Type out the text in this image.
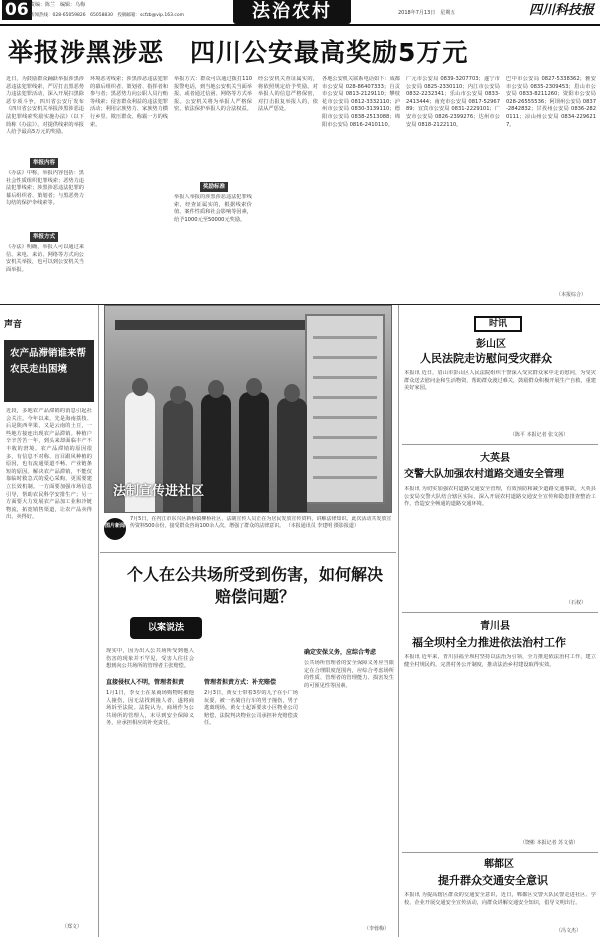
06 责编：陈兰　编辑：乌梅
新闻热线：028-65059826　65058830　投稿邮箱：scfzb@vip.163.com	法治农村	2018年7月13日　星期五	四川科技报
举报涉黑涉恶　四川公安最高奖励5万元
近日，为鼓励群众踊跃举报涉黑涉恶违法犯罪线索，严厉打击黑恶势力违法犯罪活动，深入开展扫黑除恶专项斗争，四川省公安厅发布《四川省公安机关举报涉黑涉恶违法犯罪线索奖励实施办法》（以下简称《办法》），对提供线索的举报人给予最高5万元的奖励。
举报内容
《办法》中称，举报内容包括：黑社会性质组织犯罪线索；恶势力违法犯罪线索；涉黑涉恶违法犯罪的幕后组织者、策划者；与黑恶势力勾结的保护伞线索等。
举报方式
《办法》明确，举报人可以通过来信、来电、来访、网络等方式向公安机关举报，也可以到公安机关当面举报。
环境恶劣线索；涉黑涉恶违法犯罪的幕后组织者、策划者、指挥者和参与者；黑恶势力向公职人员行贿等线索；侵害群众利益的违法犯罪活动；利用宗族势力、家族势力横行乡里、欺压群众、称霸一方的线索。
举报方式：群众可以通过拨打110报警电话，到当地公安机关当面举报，或者通过信函、网络等方式举报。公安机关将为举报人严格保密，依法保护举报人的合法权益。
奖励标准
举报人举报的涉黑涉恶违法犯罪线索，经查证属实的，根据线索价值、案件性质和社会影响等因素，给予1000元至50000元奖励。
经公安机关查证属实的，将依照规定给予奖励。对举报人的信息严格保密，对打击报复举报人的，依法从严惩处。
各地公安机关联系电话如下：成都市公安局 028-86407333；自贡市公安局 0813-2129110；攀枝花市公安局 0812-3332110；泸州市公安局 0830-3139110；德阳市公安局 0838-2513088；绵阳市公安局 0816-2410110。
广元市公安局 0839-3207703；遂宁市公安局 0825-2330110；内江市公安局 0832-2232341；乐山市公安局 0833-2413444；南充市公安局 0817-5296789；宜宾市公安局 0831-2229101；广安市公安局 0826-2399276；达州市公安局 0818-2122110。
巴中市公安局 0827-5338362；雅安市公安局 0835-2309453；眉山市公安局 0833-8211260；资阳市公安局 028-26555536；阿坝州公安局 0837-2842832；甘孜州公安局 0836-2820111；凉山州公安局 0834-2296217。
（本报综合）
声音
农产品滞销谁来帮农民走出困境
近段，多地农产品滞销的消息引起社会关注。今年以来，先是海南荔枝、后是陕西苹果，又是云南的土豆，一些地方接连出现农产品滞销。种植户辛辛苦苦一年，到头来却面临丰产不丰收的窘境。农产品滞销的原因很多，有信息不对称、盲目跟风种植的原因，也有流通渠道不畅、产业链条短的原因。解决农产品滞销，不能仅靠临时救急式的爱心采购，更需要建立长效机制。一方面要加强市场信息引导，帮助农民科学安排生产；另一方面要大力发展农产品加工业和冷链物流，拓宽销售渠道，让农产品卖得出、卖得好。
（郑文）
法制宣传进社区
图片新闻
7月5日，在内江市东兴区新桥镇柳桥社区，法制宣传人员正在为居民发放宣传资料，讲解法律知识。此次活动共发放宣传资料500余份，接受群众咨询100余人次，增强了群众的法律意识。 （本报通讯员 李建明 摄影报道）
个人在公共场所受到伤害，如何解决赔偿问题？
以案说法
现实中，因为出入公共场所受到他人伤害的现象并不罕见，受害人往往会想到向公共场所的管理者主张赔偿。
直接侵权人不明，管理者担责
1月1日，李女士在某商场购物时被他人撞伤，因无法找到撞人者，遂将商场诉至法院。法院认为，商场作为公共场所的管理人，未尽到安全保障义务，应承担相应的补充责任。
管理者担责方式：补充赔偿
2月3日，黄女士带着3岁的儿子在小广场玩耍，被一名骑自行车的男子撞伤，男子逃离现场。黄女士起诉要求小区物业公司赔偿，法院判决物业公司承担补充赔偿责任。
确定安保义务，应综合考虑
公共场所管理者的安全保障义务应当限定在合理限度范围内，应综合考虑场所的性质、管理者的管理能力、损害发生的可预见性等因素。
（李蓉梅）
时讯
彭山区
人民法院走访慰问受灾群众
本报讯 近日，眉山市彭山区人民法院组织干警深入受灾群众家中走访慰问，为受灾群众送去慰问金和生活物资，帮助群众渡过难关，鼓励群众积极开展生产自救，重建美好家园。
（陈平 本报记者 张文茜）
大英县
交警大队加强农村道路交通安全管理
本报讯 为切实加强农村道路交通安全管理，有效预防和减少道路交通事故，大英县公安局交警大队结合辖区实际，深入开展农村道路交通安全宣传和隐患排查整治工作，营造安全畅通的道路交通环境。
（石权）
青川县
福全坝村全力推进依法治村工作
本报讯 近年来，青川县福全坝村坚持以法治为引领，全力推进依法治村工作，建立健全村规民约，完善村务公开制度，推动法治乡村建设取得实效。
（饶彬 本报记者 苏文倩）
郫都区
提升群众交通安全意识
本报讯 为提高辖区群众的交通安全意识，近日，郫都区交警大队民警走进社区、学校、企业开展交通安全宣传活动，向群众讲解交通安全知识，倡导文明出行。
（冯文杰）
